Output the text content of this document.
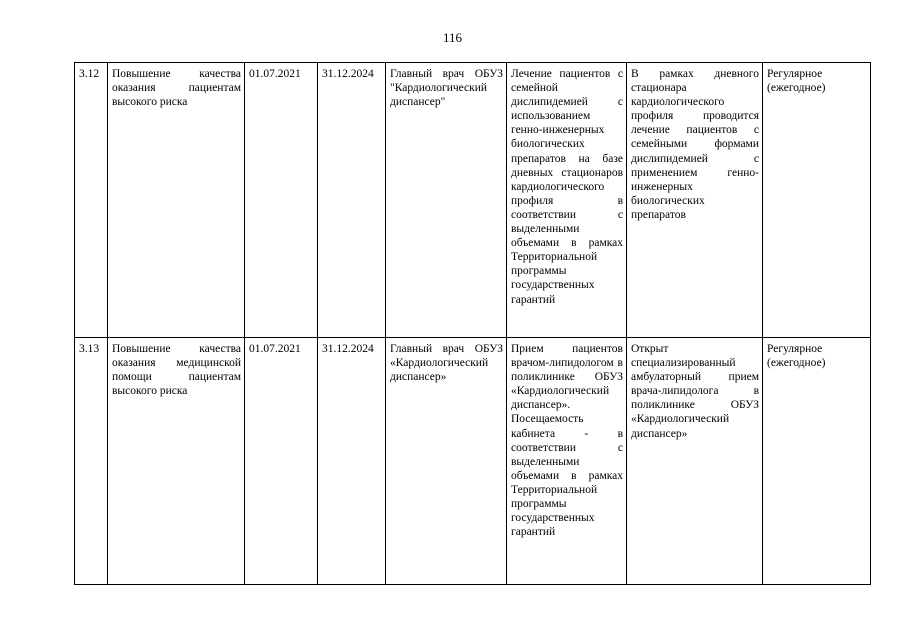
116
3.12	Повышение качества оказания пациентам высокого риска	01.07.2021	31.12.2024	Главный врач ОБУЗ "Кардиологический диспансер"	Лечение пациентов с семейной дислипидемией с использованием генно-инженерных биологических препаратов на базе дневных стационаров кардиологического профиля в соответствии с выделенными объемами в рамках Территориальной программы государственных гарантий	В рамках дневного стационара кардиологического профиля проводится лечение пациентов с семейными формами дислипидемией с применением генно-инженерных биологических препаратов	Регулярное (ежегодное)
3.13	Повышение качества оказания медицинской помощи пациентам высокого риска	01.07.2021	31.12.2024	Главный врач ОБУЗ «Кардиологический диспансер»	Прием пациентов врачом-липидологом в поликлинике ОБУЗ «Кардиологический диспансер». Посещаемость кабинета - в соответствии с выделенными объемами в рамках Территориальной программы государственных гарантий	Открыт специализированный амбулаторный прием врача-липидолога в поликлинике ОБУЗ «Кардиологический диспансер»	Регулярное (ежегодное)
